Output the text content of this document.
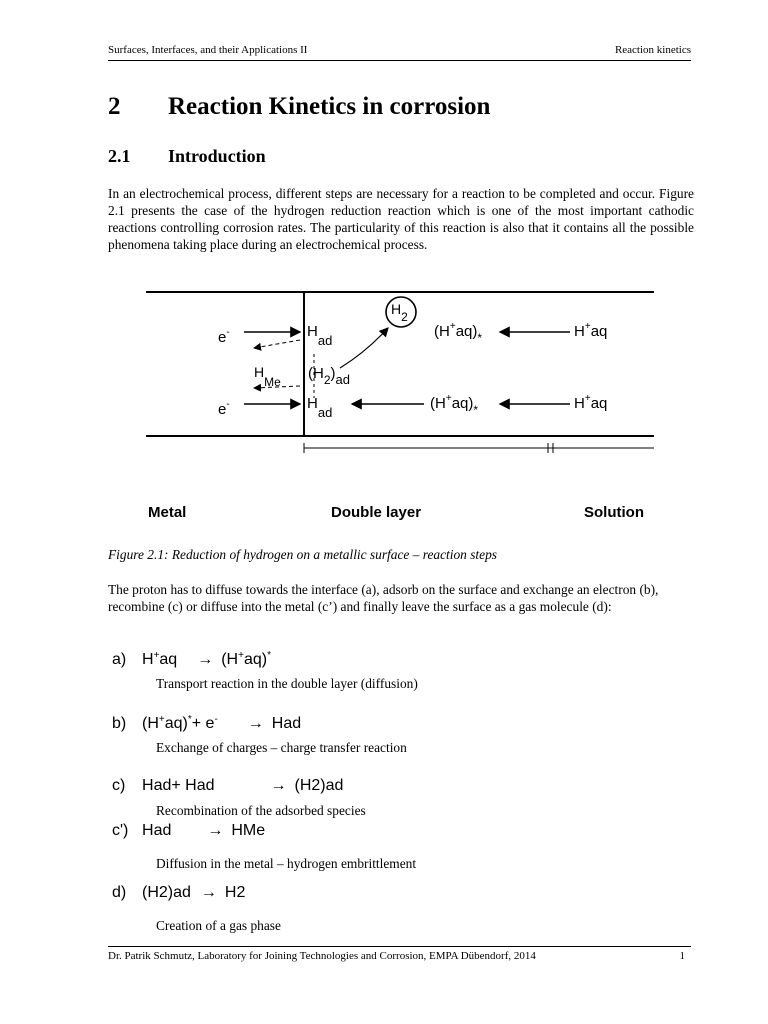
Surfaces, Interfaces, and their Applications II	Reaction kinetics
2 Reaction Kinetics in corrosion
2.1 Introduction
In an electrochemical process, different steps are necessary for a reaction to be completed and occur. Figure 2.1 presents the case of the hydrogen reduction reaction which is one of the most important cathodic reactions controlling corrosion rates. The particularity of this reaction is also that it contains all the possible phenomena taking place during an electrochemical process.
e-	Had
H2
$(H^+aq)_*$	H+aq
HMe $(H_2)ad$
e-	Had
$(H^+aq)_*$	H+aq
Metal	Double layer	Solution
Figure 2.1: Reduction of hydrogen on a metallic surface – reaction steps
The proton has to diffuse towards the interface (a), adsorb on the surface and exchange an electron (b), recombine (c) or diffuse into the metal (c’) and finally leave the surface as a gas molecule (d):
a) H+aq → (H+aq)*
Transport reaction in the double layer (diffusion)
b) (H+aq)*+ e- → Had
Exchange of charges – charge transfer reaction
c) Had+ Had	→ (H2)ad
Recombination of the adsorbed species
c') Had → HMe
Diffusion in the metal – hydrogen embrittlement
d) (H2)ad → H2
Creation of a gas phase
Dr. Patrik Schmutz, Laboratory for Joining Technologies and Corrosion, EMPA Dübendorf, 2014	1
